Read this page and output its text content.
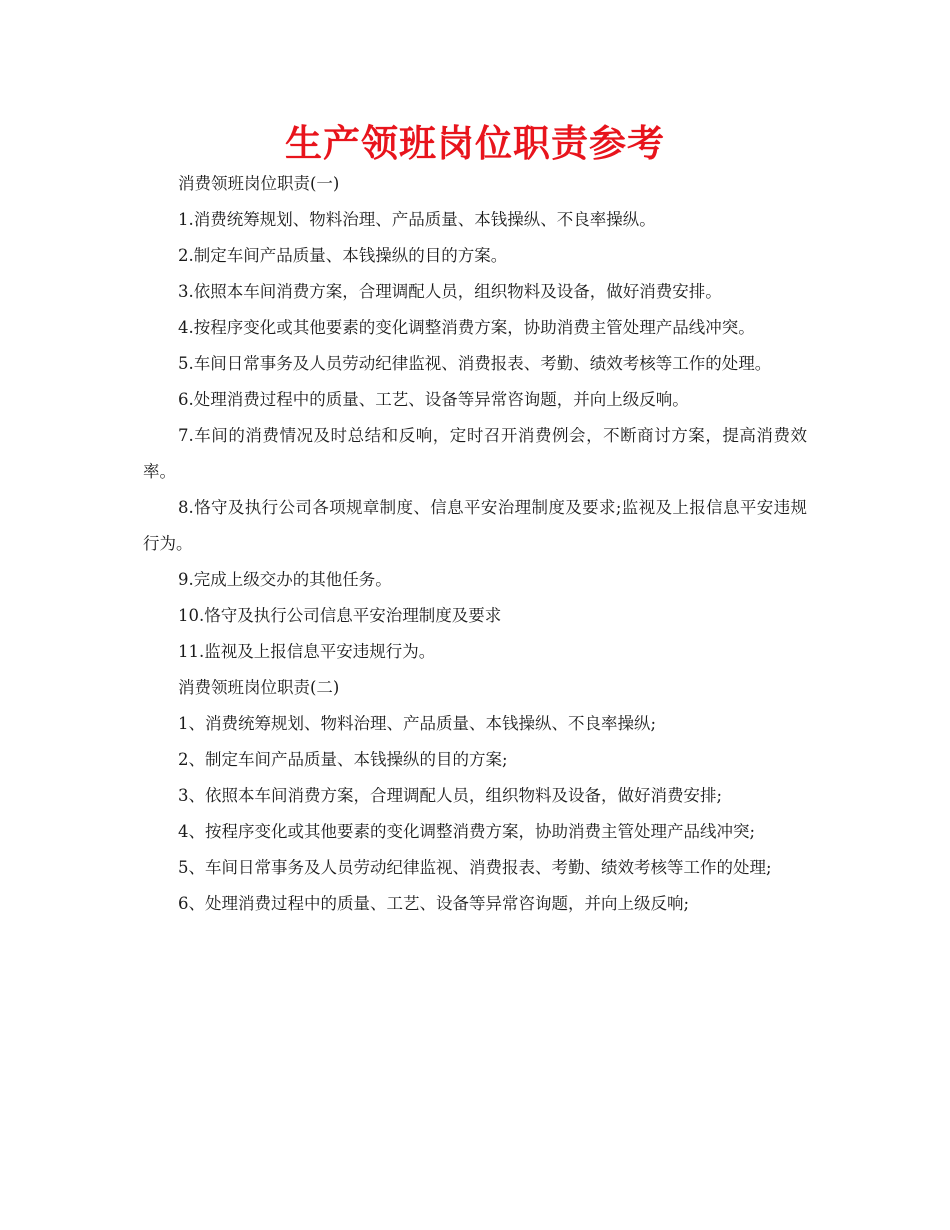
生产领班岗位职责参考

消费领班岗位职责(一)

1.消费统筹规划、物料治理、产品质量、本钱操纵、不良率操纵。

2.制定车间产品质量、本钱操纵的目的方案。

3.依照本车间消费方案，合理调配人员，组织物料及设备，做好消费安排。

4.按程序变化或其他要素的变化调整消费方案，协助消费主管处理产品线冲突。

5.车间日常事务及人员劳动纪律监视、消费报表、考勤、绩效考核等工作的处理。

6.处理消费过程中的质量、工艺、设备等异常咨询题，并向上级反响。

7.车间的消费情况及时总结和反响，定时召开消费例会，不断商讨方案，提高消费效率。

8.恪守及执行公司各项规章制度、信息平安治理制度及要求;监视及上报信息平安违规行为。

9.完成上级交办的其他任务。

10.恪守及执行公司信息平安治理制度及要求

11.监视及上报信息平安违规行为。

消费领班岗位职责(二)

1、消费统筹规划、物料治理、产品质量、本钱操纵、不良率操纵;

2、制定车间产品质量、本钱操纵的目的方案;

3、依照本车间消费方案，合理调配人员，组织物料及设备，做好消费安排;

4、按程序变化或其他要素的变化调整消费方案，协助消费主管处理产品线冲突;

5、车间日常事务及人员劳动纪律监视、消费报表、考勤、绩效考核等工作的处理;

6、处理消费过程中的质量、工艺、设备等异常咨询题，并向上级反响;
